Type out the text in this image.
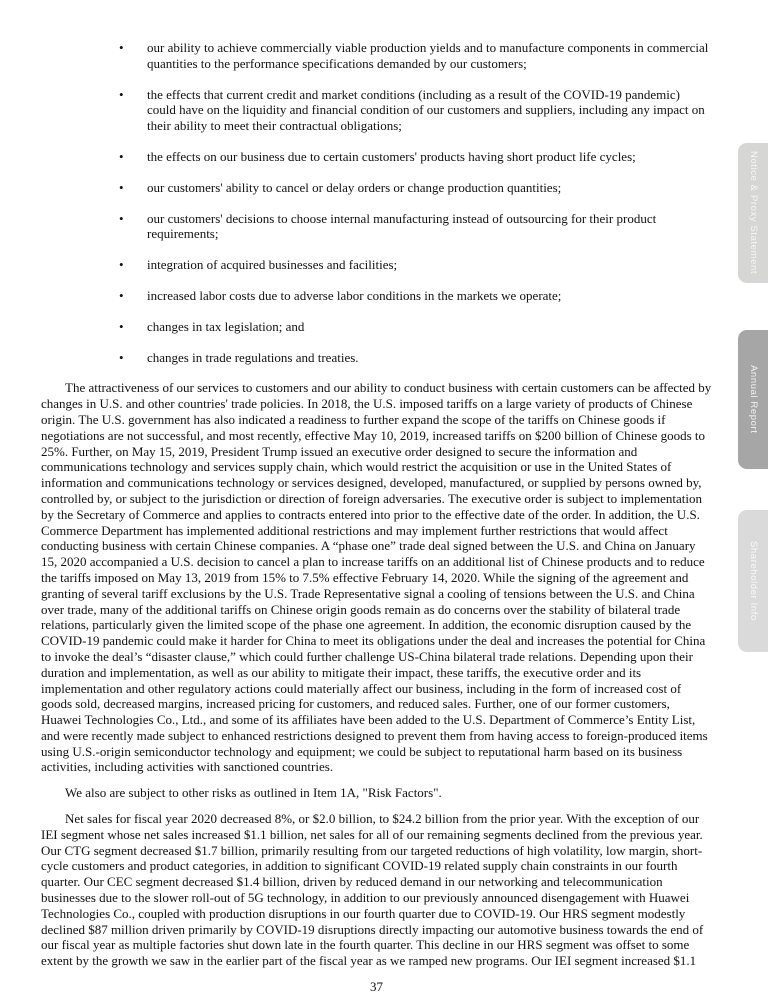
• our ability to achieve commercially viable production yields and to manufacture components in commercial quantities to the performance specifications demanded by our customers;
• the effects that current credit and market conditions (including as a result of the COVID-19 pandemic) could have on the liquidity and financial condition of our customers and suppliers, including any impact on their ability to meet their contractual obligations;
• the effects on our business due to certain customers' products having short product life cycles;
• our customers' ability to cancel or delay orders or change production quantities;
• our customers' decisions to choose internal manufacturing instead of outsourcing for their product requirements;
• integration of acquired businesses and facilities;
• increased labor costs due to adverse labor conditions in the markets we operate;
• changes in tax legislation; and
• changes in trade regulations and treaties.

The attractiveness of our services to customers and our ability to conduct business with certain customers can be affected by changes in U.S. and other countries' trade policies. In 2018, the U.S. imposed tariffs on a large variety of products of Chinese origin. The U.S. government has also indicated a readiness to further expand the scope of the tariffs on Chinese goods if negotiations are not successful, and most recently, effective May 10, 2019, increased tariffs on $200 billion of Chinese goods to 25%. Further, on May 15, 2019, President Trump issued an executive order designed to secure the information and communications technology and services supply chain, which would restrict the acquisition or use in the United States of information and communications technology or services designed, developed, manufactured, or supplied by persons owned by, controlled by, or subject to the jurisdiction or direction of foreign adversaries. The executive order is subject to implementation by the Secretary of Commerce and applies to contracts entered into prior to the effective date of the order. In addition, the U.S. Commerce Department has implemented additional restrictions and may implement further restrictions that would affect conducting business with certain Chinese companies. A “phase one” trade deal signed between the U.S. and China on January 15, 2020 accompanied a U.S. decision to cancel a plan to increase tariffs on an additional list of Chinese products and to reduce the tariffs imposed on May 13, 2019 from 15% to 7.5% effective February 14, 2020. While the signing of the agreement and granting of several tariff exclusions by the U.S. Trade Representative signal a cooling of tensions between the U.S. and China over trade, many of the additional tariffs on Chinese origin goods remain as do concerns over the stability of bilateral trade relations, particularly given the limited scope of the phase one agreement. In addition, the economic disruption caused by the COVID-19 pandemic could make it harder for China to meet its obligations under the deal and increases the potential for China to invoke the deal’s “disaster clause,” which could further challenge US-China bilateral trade relations. Depending upon their duration and implementation, as well as our ability to mitigate their impact, these tariffs, the executive order and its implementation and other regulatory actions could materially affect our business, including in the form of increased cost of goods sold, decreased margins, increased pricing for customers, and reduced sales. Further, one of our former customers, Huawei Technologies Co., Ltd., and some of its affiliates have been added to the U.S. Department of Commerce’s Entity List, and were recently made subject to enhanced restrictions designed to prevent them from having access to foreign-produced items using U.S.-origin semiconductor technology and equipment; we could be subject to reputational harm based on its business activities, including activities with sanctioned countries.

We also are subject to other risks as outlined in Item 1A, "Risk Factors".

Net sales for fiscal year 2020 decreased 8%, or $2.0 billion, to $24.2 billion from the prior year. With the exception of our IEI segment whose net sales increased $1.1 billion, net sales for all of our remaining segments declined from the previous year. Our CTG segment decreased $1.7 billion, primarily resulting from our targeted reductions of high volatility, low margin, short-cycle customers and product categories, in addition to significant COVID-19 related supply chain constraints in our fourth quarter. Our CEC segment decreased $1.4 billion, driven by reduced demand in our networking and telecommunication businesses due to the slower roll-out of 5G technology, in addition to our previously announced disengagement with Huawei Technologies Co., coupled with production disruptions in our fourth quarter due to COVID-19. Our HRS segment modestly declined $87 million driven primarily by COVID-19 disruptions directly impacting our automotive business towards the end of our fiscal year as multiple factories shut down late in the fourth quarter. This decline in our HRS segment was offset to some extent by the growth we saw in the earlier part of the fiscal year as we ramped new programs. Our IEI segment increased $1.1

37
Notice & Proxy Statement
Annual Report
Shareholder Info
